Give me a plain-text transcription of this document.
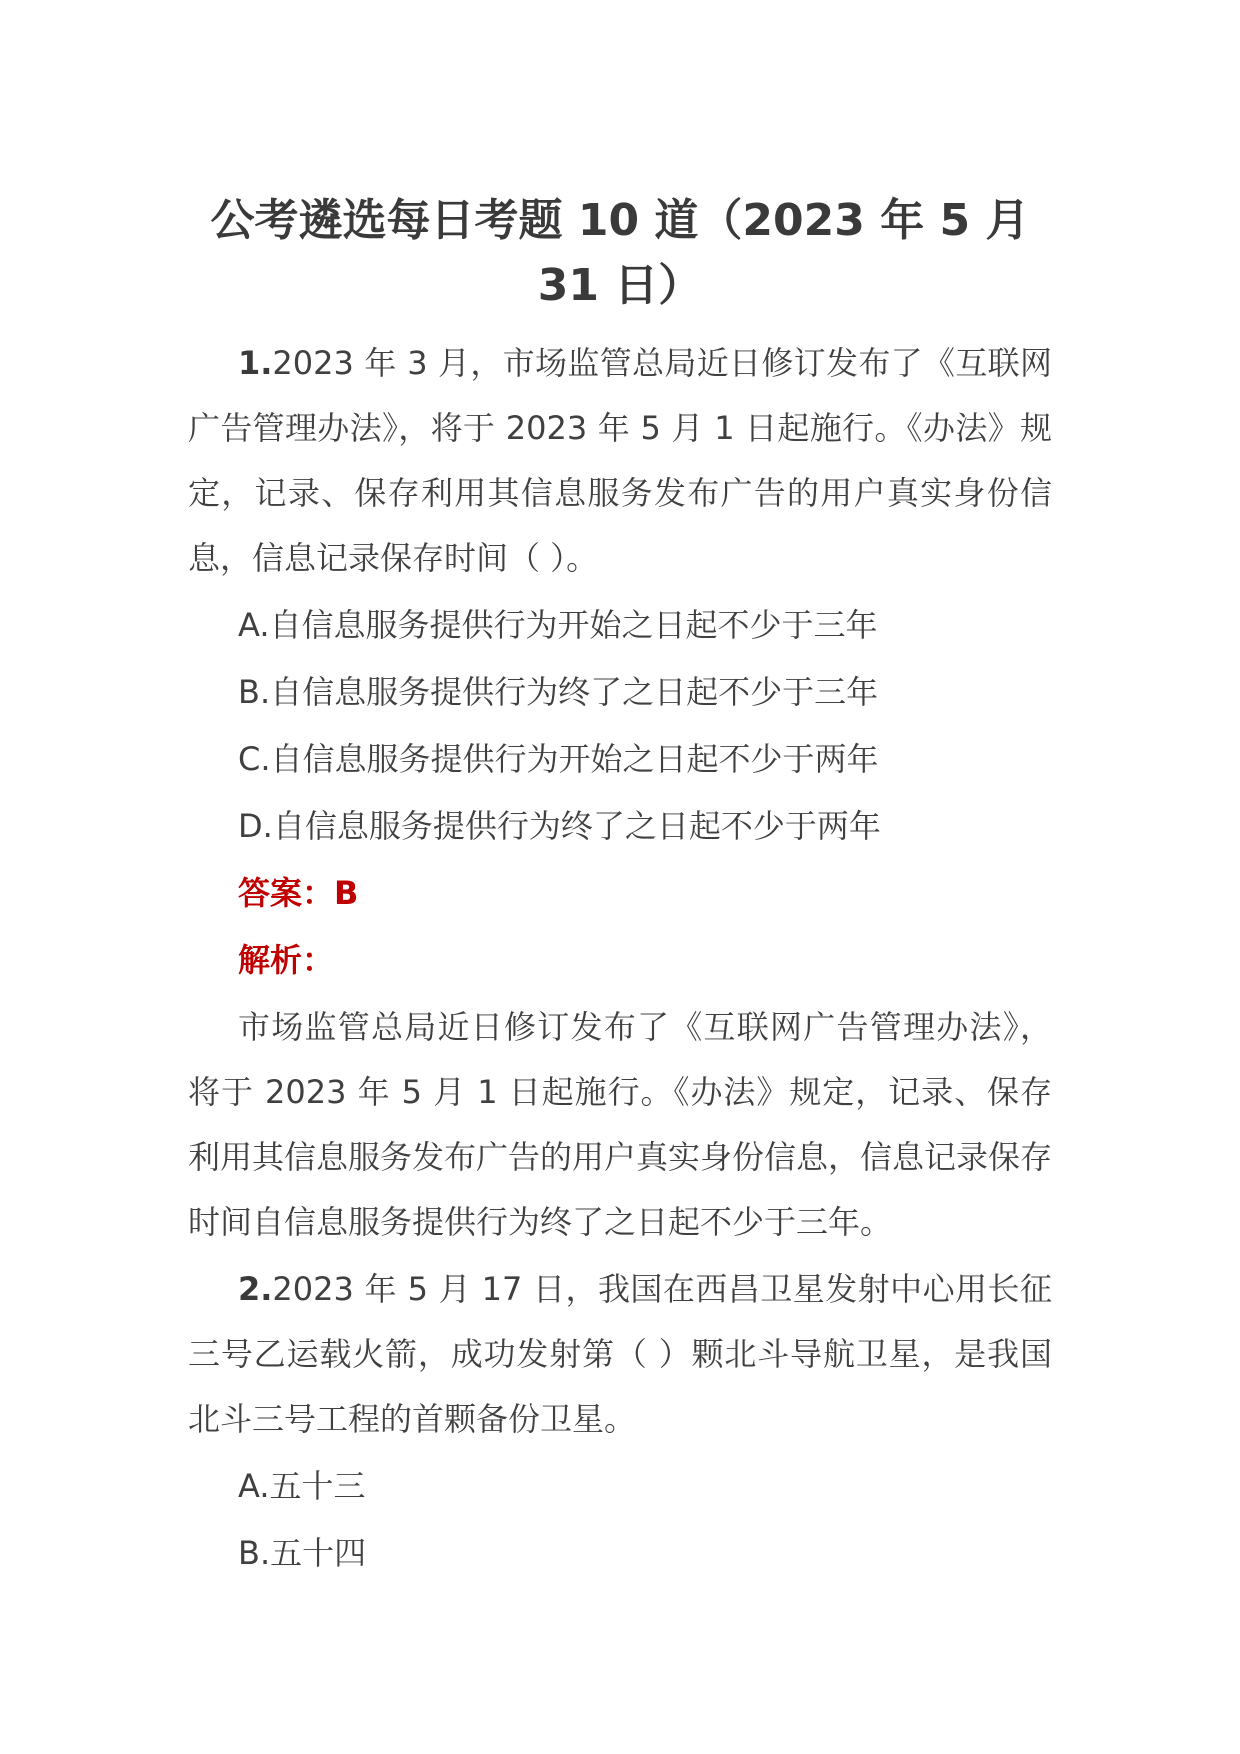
公考遴选每日考题 10 道（2023 年 5 月 31 日）

1.2023 年 3 月，市场监管总局近日修订发布了《互联网广告管理办法》，将于 2023 年 5 月 1 日起施行。《办法》规定，记录、保存利用其信息服务发布广告的用户真实身份信息，信息记录保存时间（ ）。

A.自信息服务提供行为开始之日起不少于三年

B.自信息服务提供行为终了之日起不少于三年

C.自信息服务提供行为开始之日起不少于两年

D.自信息服务提供行为终了之日起不少于两年

答案：B

解析：

市场监管总局近日修订发布了《互联网广告管理办法》，将于 2023 年 5 月 1 日起施行。《办法》规定，记录、保存利用其信息服务发布广告的用户真实身份信息，信息记录保存时间自信息服务提供行为终了之日起不少于三年。

2.2023 年 5 月 17 日，我国在西昌卫星发射中心用长征三号乙运载火箭，成功发射第（ ）颗北斗导航卫星，是我国北斗三号工程的首颗备份卫星。

A.五十三

B.五十四
